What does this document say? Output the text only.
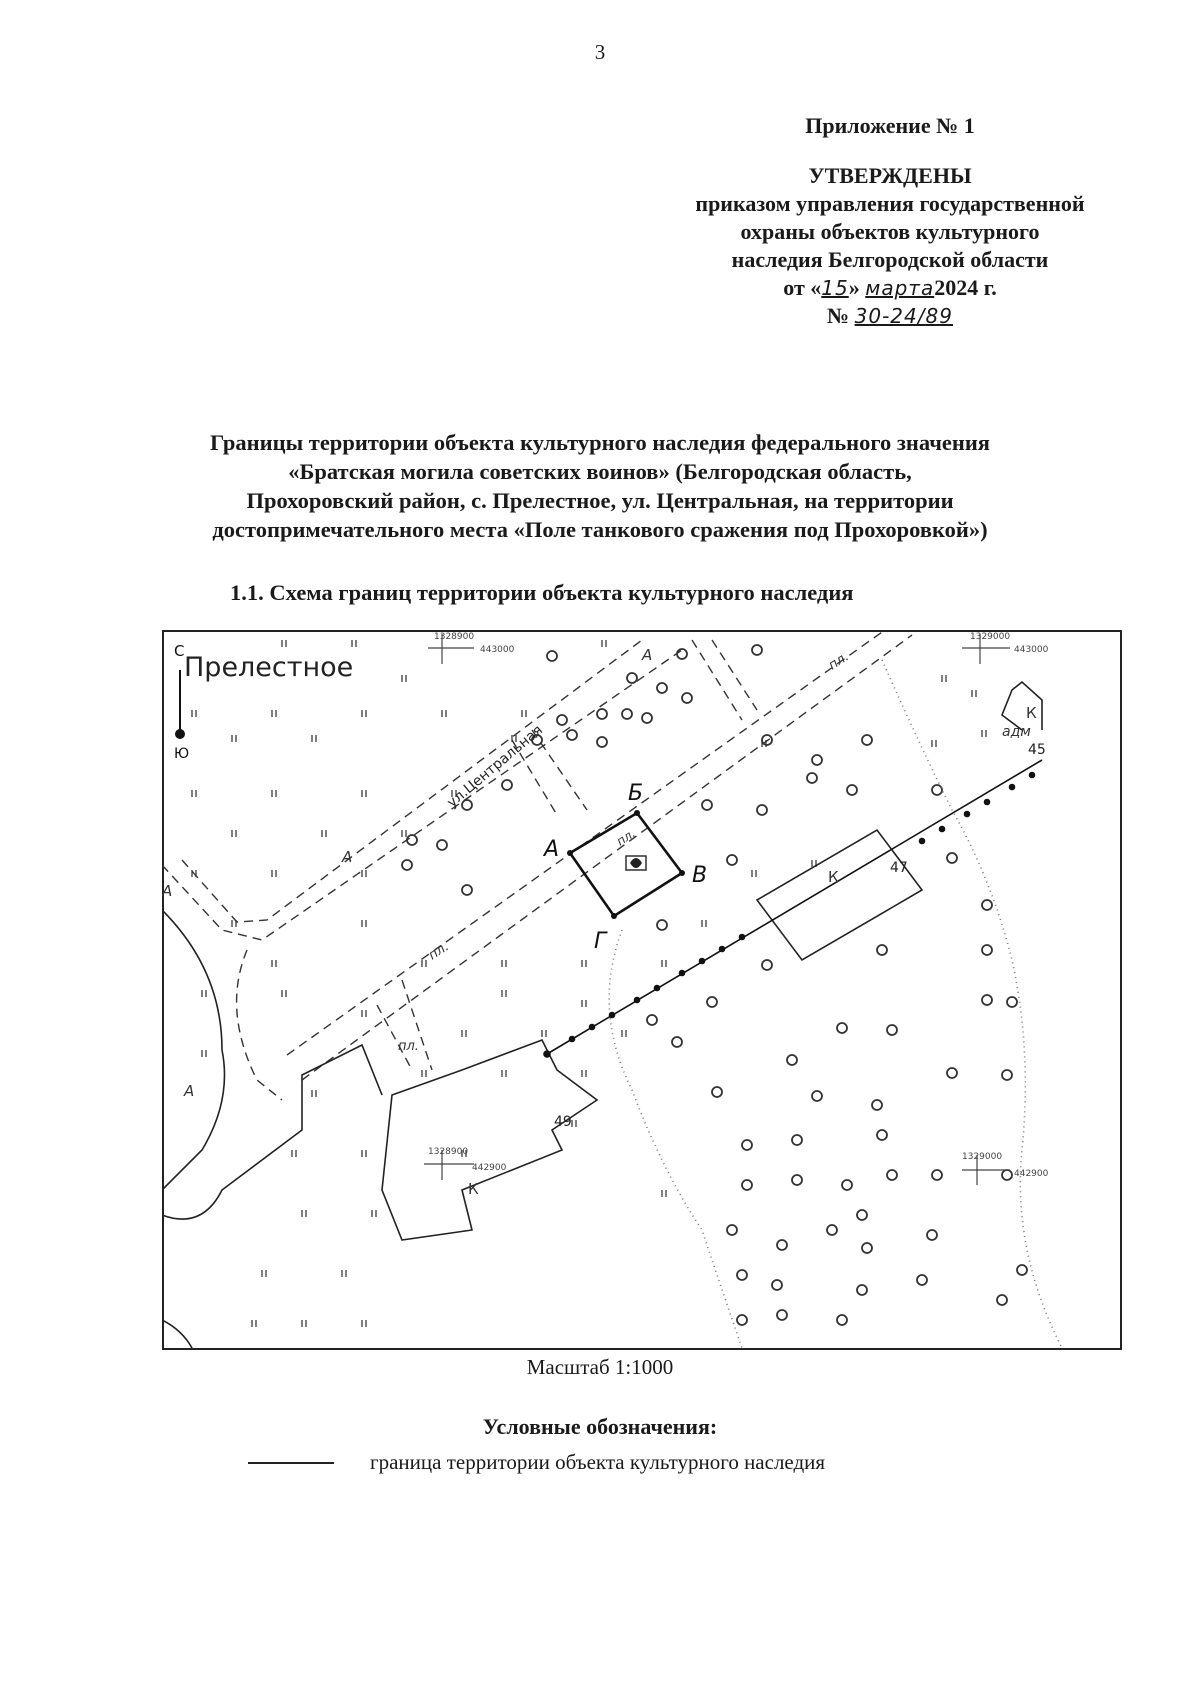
3
Приложение № 1
УТВЕРЖДЕНЫ
приказом управления государственной
охраны объектов культурного
наследия Белгородской области
от «15» марта2024 г.
№ 30-24/89
Границы территории объекта культурного наследия федерального значения
«Братская могила советских воинов» (Белгородская область,
Прохоровский район, с. Прелестное, ул. Центральная, на территории
достопримечательного места «Поле танкового сражения под Прохоровкой»)
1.1. Схема границ территории объекта культурного наследия
С
Ю
Прелестное
1328900
443000
1329000
443000
1328900
442900
1329000
442900
ул.Центральная
А
Б
В
Г
пл.
пл.
пл.
пл.
А
А
А
А
К
К
К
адм
47
49
45
Масштаб 1:1000
Условные обозначения:
граница территории объекта культурного наследия
